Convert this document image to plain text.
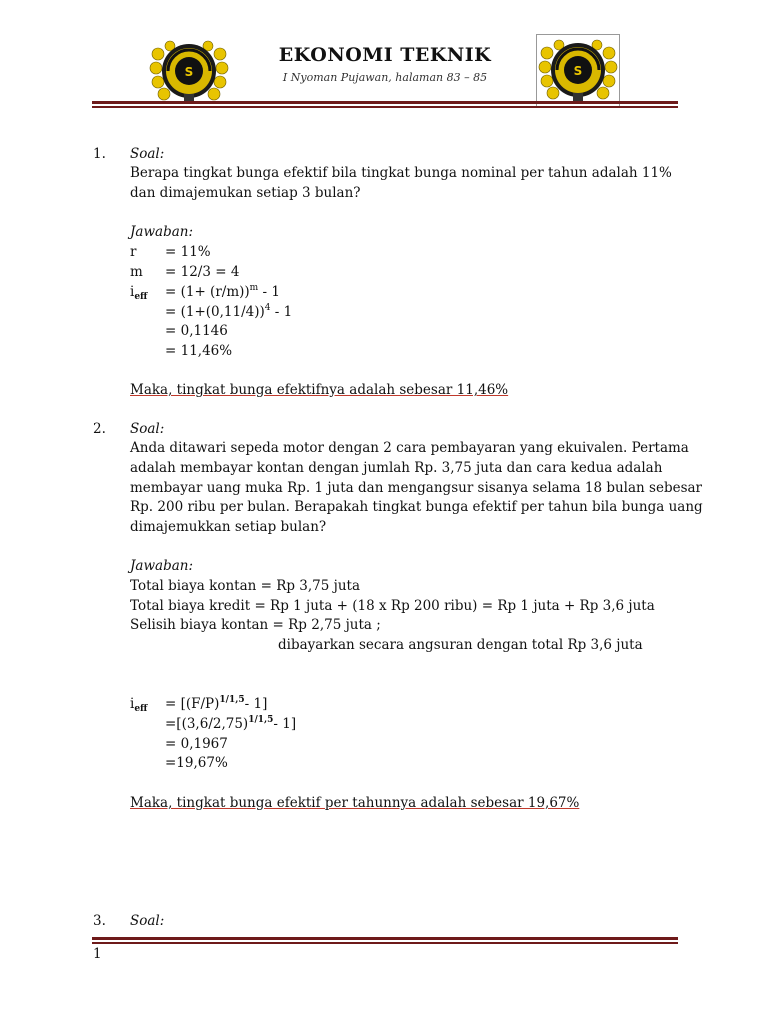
S
EKONOMI TEKNIK
I Nyoman Pujawan, halaman 83 – 85	S
1. Soal:
Berapa tingkat bunga efektif bila tingkat bunga nominal per tahun adalah 11%
dan dimajemukan setiap 3 bulan?
Jawaban:
r = 11%
m = 12/3 = 4
$i_{eff} = (1+ (r/m))^m - 1$
= $(1+(0,11/4))^4 - 1$
= 0,1146
= 11,46%
Maka, tingkat bunga efektifnya adalah sebesar 11,46%
2. Soal:
Anda ditawari sepeda motor dengan 2 cara pembayaran yang ekuivalen. Pertama
adalah membayar kontan dengan jumlah Rp. 3,75 juta dan cara kedua adalah
membayar uang muka Rp. 1 juta dan mengangsur sisanya selama 18 bulan sebesar
Rp. 200 ribu per bulan. Berapakah tingkat bunga efektif per tahun bila bunga uang
dimajemukkan setiap bulan?
Jawaban:
Total biaya kontan = Rp 3,75 juta
Total biaya kredit = Rp 1 juta + (18 x Rp 200 ribu) = Rp 1 juta + Rp 3,6 juta
Selisih biaya kontan = Rp 2,75 juta ;
dibayarkan secara angsuran dengan total Rp 3,6 juta
$i_{eff} = [(F/P)^{1/1,5}-$ 1]
$=[(3,6/2,75)^{1/1,5}-$ 1]
= 0,1967
=19,67%
Maka, tingkat bunga efektif per tahunnya adalah sebesar 19,67%
3. Soal:
1
